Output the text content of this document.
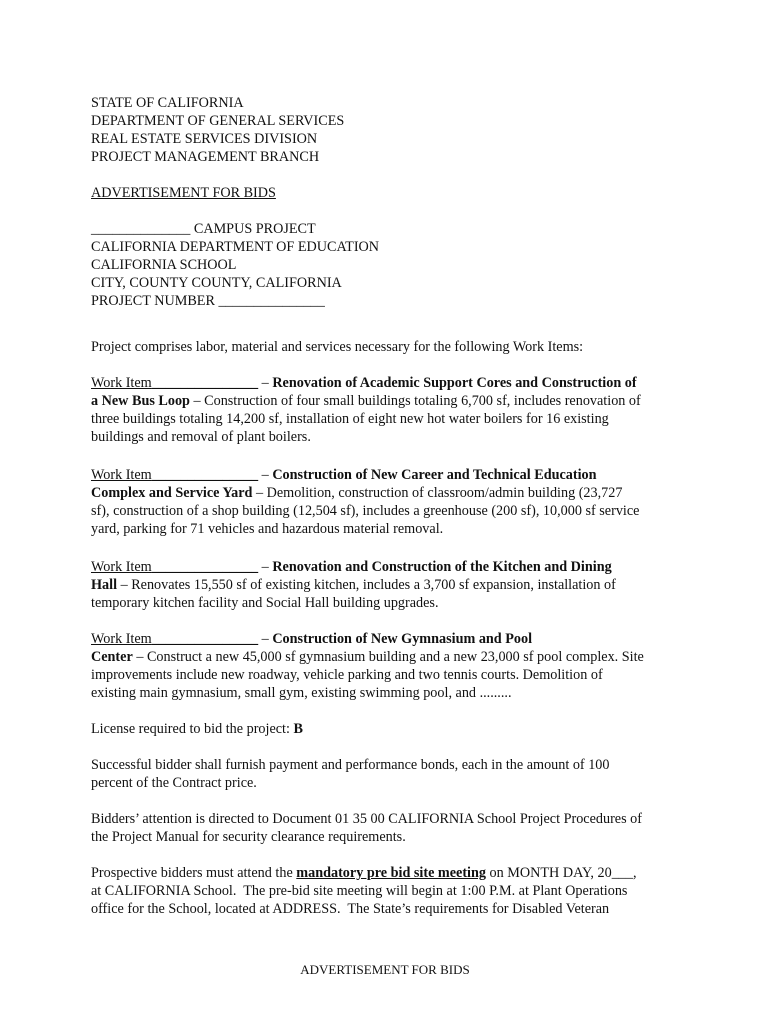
STATE OF CALIFORNIA
DEPARTMENT OF GENERAL SERVICES
REAL ESTATE SERVICES DIVISION
PROJECT MANAGEMENT BRANCH
ADVERTISEMENT FOR BIDS
______________ CAMPUS PROJECT
CALIFORNIA DEPARTMENT OF EDUCATION
CALIFORNIA SCHOOL
CITY, COUNTY COUNTY, CALIFORNIA
PROJECT NUMBER _______________
Project comprises labor, material and services necessary for the following Work Items:
Work Item_______________ – Renovation of Academic Support Cores and Construction of
a New Bus Loop – Construction of four small buildings totaling 6,700 sf, includes renovation of
three buildings totaling 14,200 sf, installation of eight new hot water boilers for 16 existing
buildings and removal of plant boilers.
Work Item_______________ – Construction of New Career and Technical Education
Complex and Service Yard – Demolition, construction of classroom/admin building (23,727
sf), construction of a shop building (12,504 sf), includes a greenhouse (200 sf), 10,000 sf service
yard, parking for 71 vehicles and hazardous material removal.
Work Item_______________ – Renovation and Construction of the Kitchen and Dining
Hall – Renovates 15,550 sf of existing kitchen, includes a 3,700 sf expansion, installation of
temporary kitchen facility and Social Hall building upgrades.
Work Item_______________ – Construction of New Gymnasium and Pool
Center – Construct a new 45,000 sf gymnasium building and a new 23,000 sf pool complex. Site
improvements include new roadway, vehicle parking and two tennis courts. Demolition of
existing main gymnasium, small gym, existing swimming pool, and .........
License required to bid the project: B
Successful bidder shall furnish payment and performance bonds, each in the amount of 100
percent of the Contract price.
Bidders’ attention is directed to Document 01 35 00 CALIFORNIA School Project Procedures of
the Project Manual for security clearance requirements.
Prospective bidders must attend the mandatory pre bid site meeting on MONTH DAY, 20___,
at CALIFORNIA School.  The pre-bid site meeting will begin at 1:00 P.M. at Plant Operations
office for the School, located at ADDRESS.  The State’s requirements for Disabled Veteran
ADVERTISEMENT FOR BIDS
